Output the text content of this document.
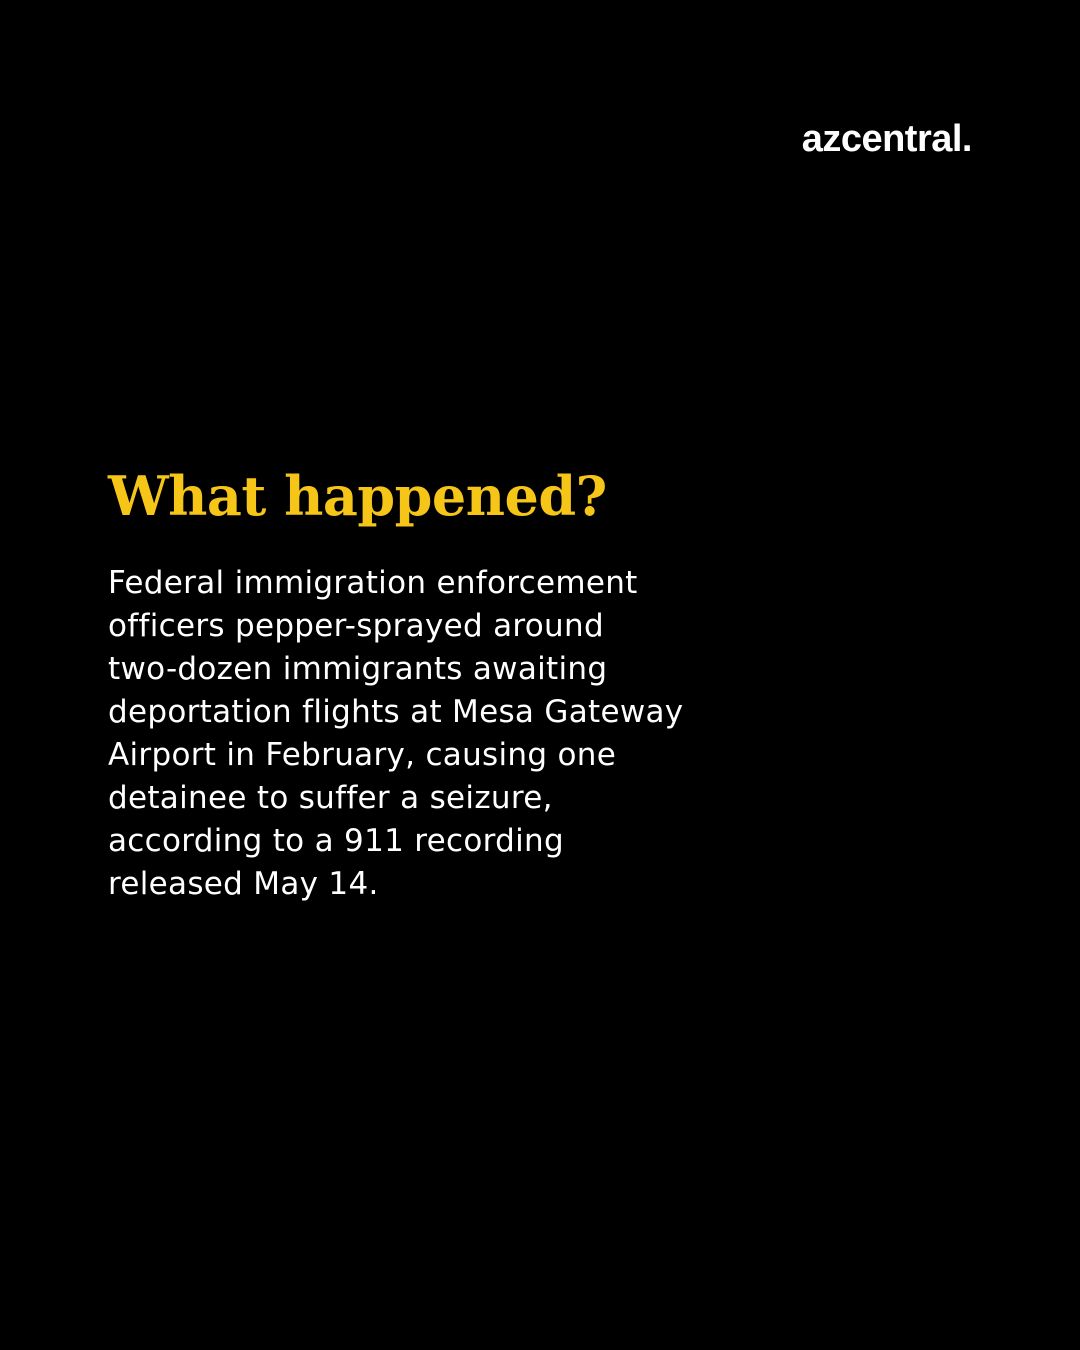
azcentral.
What happened?

Federal immigration enforcement
officers pepper-sprayed around
two-dozen immigrants awaiting
deportation flights at Mesa Gateway
Airport in February, causing one
detainee to suffer a seizure,
according to a 911 recording
released May 14.
